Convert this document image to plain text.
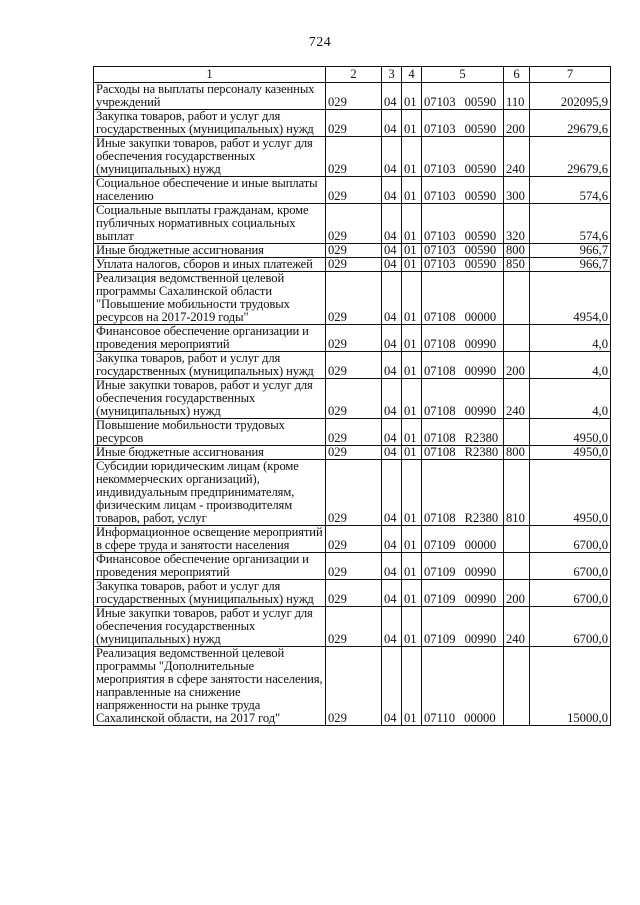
724
1	2	3	4	5	6	7
Расходы на выплаты персоналу казенных учреждений	029	04	01	07103 00590	110	202095,9
Закупка товаров, работ и услуг для государственных (муниципальных) нужд	029	04	01	07103 00590	200	29679,6
Иные закупки товаров, работ и услуг для обеспечения государственных (муниципальных) нужд	029	04	01	07103 00590	240	29679,6
Социальное обеспечение и иные выплаты населению	029	04	01	07103 00590	300	574,6
Социальные выплаты гражданам, кроме публичных нормативных социальных выплат	029	04	01	07103 00590	320	574,6
Иные бюджетные ассигнования	029	04	01	07103 00590	800	966,7
Уплата налогов, сборов и иных платежей	029	04	01	07103 00590	850	966,7
Реализация ведомственной целевой программы Сахалинской области "Повышение мобильности трудовых ресурсов на 2017-2019 годы"	029	04	01	07108 00000		4954,0
Финансовое обеспечение организации и проведения мероприятий	029	04	01	07108 00990		4,0
Закупка товаров, работ и услуг для государственных (муниципальных) нужд	029	04	01	07108 00990	200	4,0
Иные закупки товаров, работ и услуг для обеспечения государственных (муниципальных) нужд	029	04	01	07108 00990	240	4,0
Повышение мобильности трудовых ресурсов	029	04	01	07108 R2380		4950,0
Иные бюджетные ассигнования	029	04	01	07108 R2380	800	4950,0
Субсидии юридическим лицам (кроме некоммерческих организаций), индивидуальным предпринимателям, физическим лицам - производителям товаров, работ, услуг	029	04	01	07108 R2380	810	4950,0
Информационное освещение мероприятий в сфере труда и занятости населения	029	04	01	07109 00000		6700,0
Финансовое обеспечение организации и проведения мероприятий	029	04	01	07109 00990		6700,0
Закупка товаров, работ и услуг для государственных (муниципальных) нужд	029	04	01	07109 00990	200	6700,0
Иные закупки товаров, работ и услуг для обеспечения государственных (муниципальных) нужд	029	04	01	07109 00990	240	6700,0
Реализация ведомственной целевой программы "Дополнительные мероприятия в сфере занятости населения, направленные на снижение напряженности на рынке труда Сахалинской области, на 2017 год"	029	04	01	07110 00000		15000,0
